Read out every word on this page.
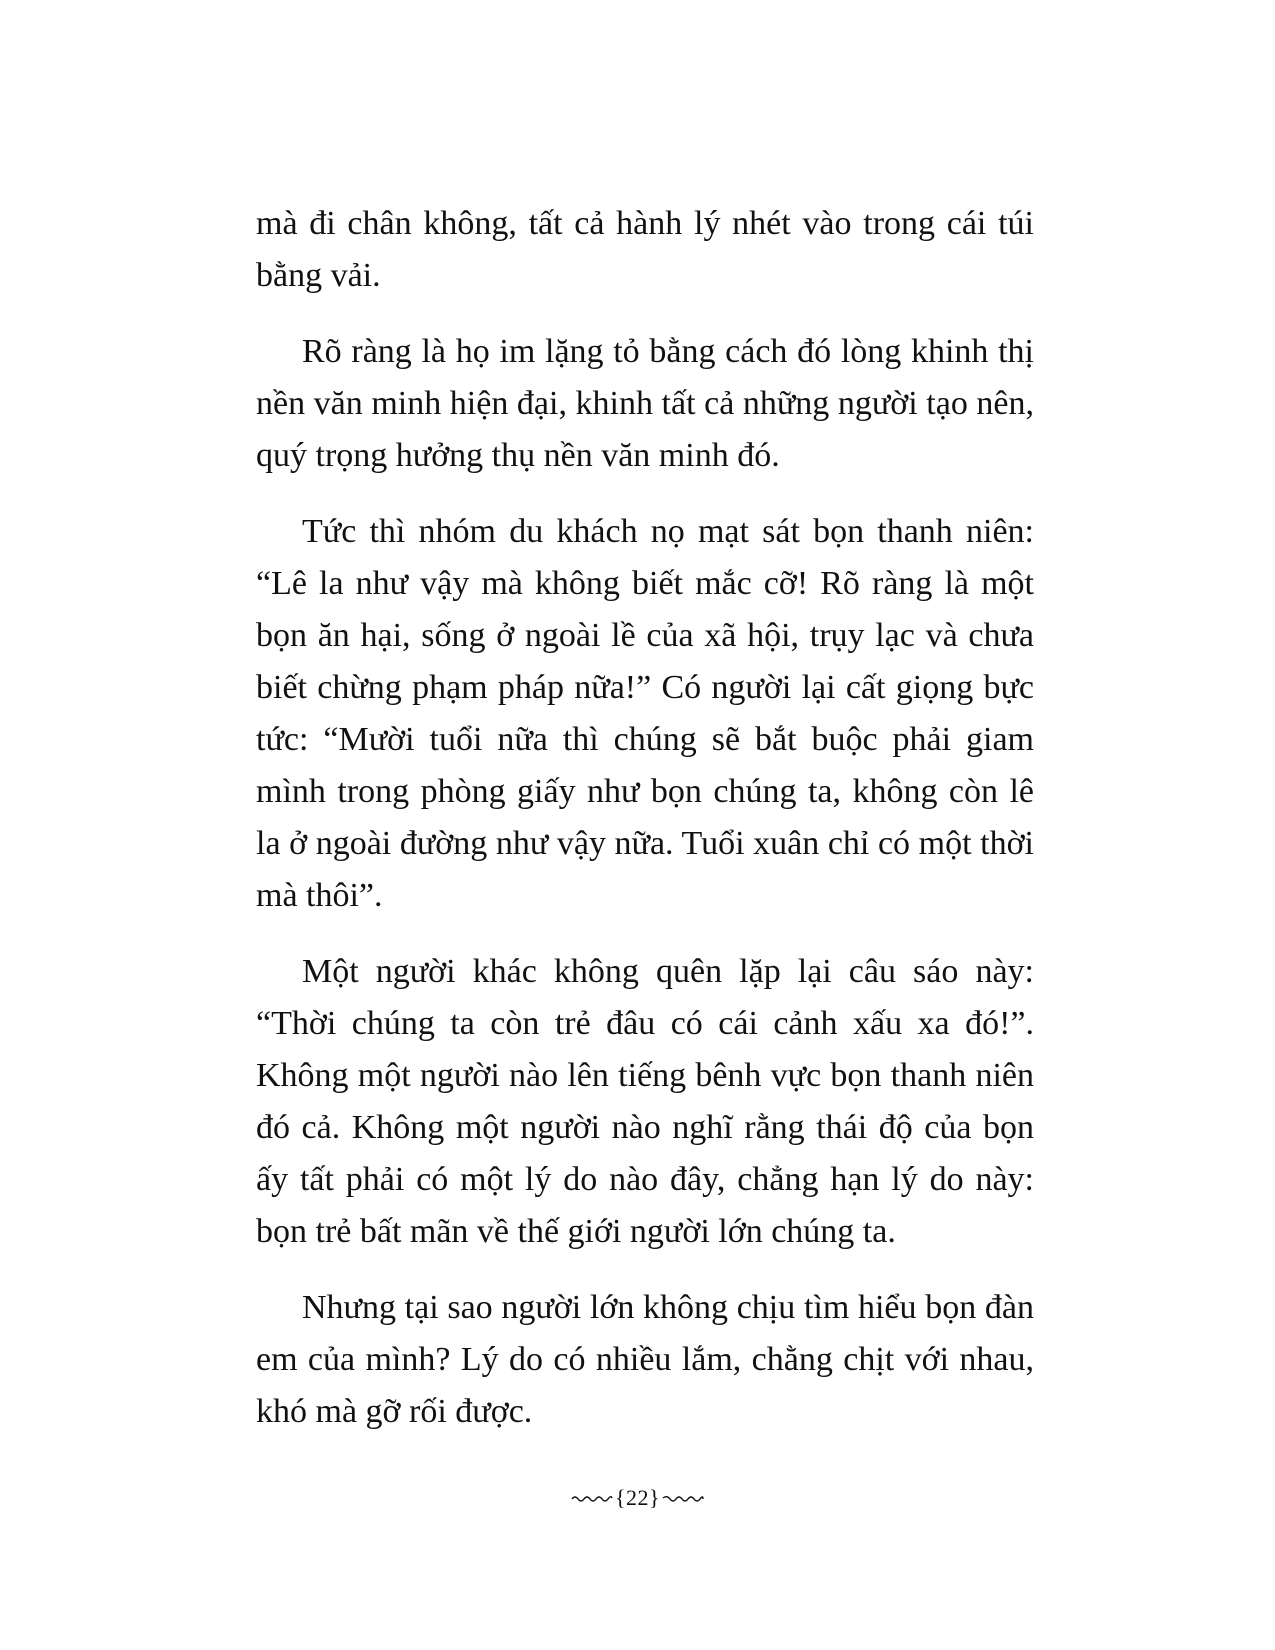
mà đi chân không, tất cả hành lý nhét vào trong cái túi bằng vải.

Rõ ràng là họ im lặng tỏ bằng cách đó lòng khinh thị nền văn minh hiện đại, khinh tất cả những người tạo nên, quý trọng hưởng thụ nền văn minh đó.

Tức thì nhóm du khách nọ mạt sát bọn thanh niên: “Lê la như vậy mà không biết mắc cỡ! Rõ ràng là một bọn ăn hại, sống ở ngoài lề của xã hội, trụy lạc và chưa biết chừng phạm pháp nữa!” Có người lại cất giọng bực tức: “Mười tuổi nữa thì chúng sẽ bắt buộc phải giam mình trong phòng giấy như bọn chúng ta, không còn lê la ở ngoài đường như vậy nữa. Tuổi xuân chỉ có một thời mà thôi”.

Một người khác không quên lặp lại câu sáo này: “Thời chúng ta còn trẻ đâu có cái cảnh xấu xa đó!”. Không một người nào lên tiếng bênh vực bọn thanh niên đó cả. Không một người nào nghĩ rằng thái độ của bọn ấy tất phải có một lý do nào đây, chẳng hạn lý do này: bọn trẻ bất mãn về thế giới người lớn chúng ta.

Nhưng tại sao người lớn không chịu tìm hiểu bọn đàn em của mình? Lý do có nhiều lắm, chằng chịt với nhau, khó mà gỡ rối được.

{22}
